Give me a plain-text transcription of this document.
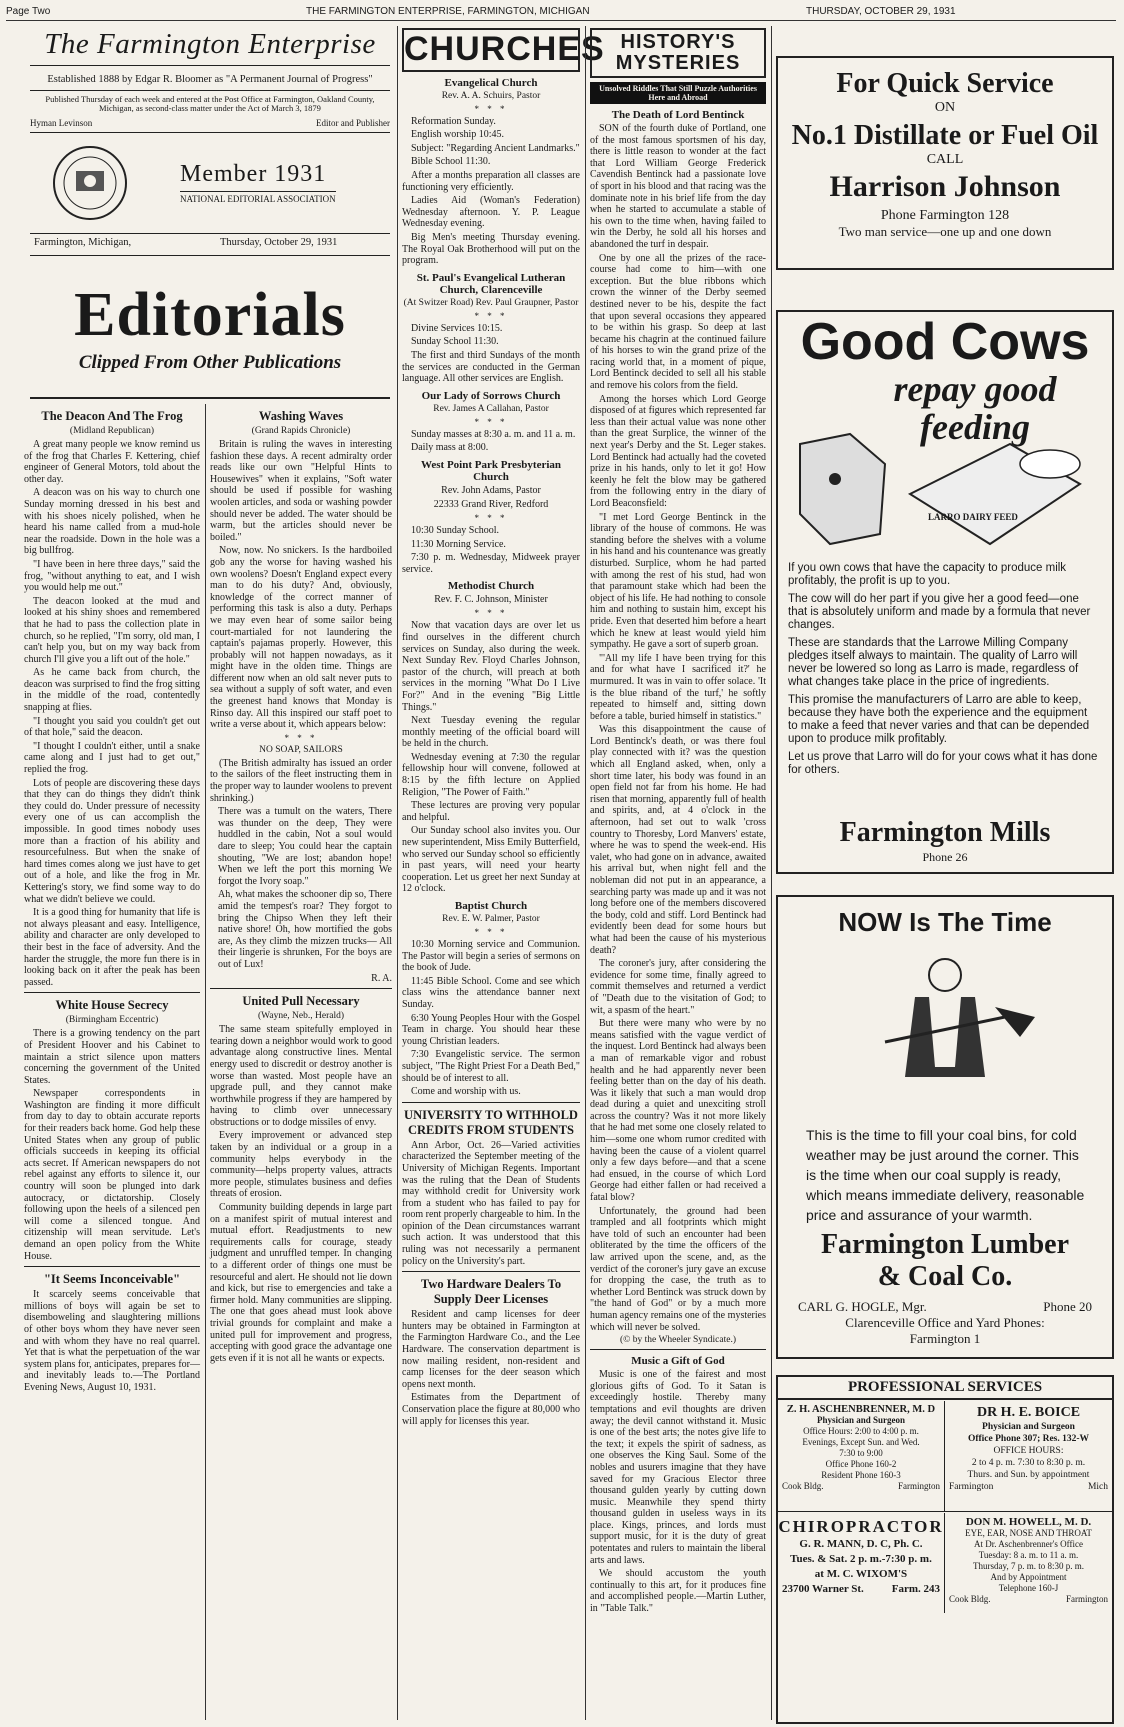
Page Two	THE FARMINGTON ENTERPRISE, FARMINGTON, MICHIGAN	THURSDAY, OCTOBER 29, 1931
The Farmington Enterprise
Established 1888 by Edgar R. Bloomer as "A Permanent Journal of Progress"
Published Thursday of each week and entered at the Post Office at Farmington, Oakland County, Michigan, as second-class matter under the Act of March 3, 1879
Hyman Levinson	Editor and Publisher
Member 1931
NATIONAL EDITORIAL ASSOCIATION
Farmington, Michigan,	Thursday, October 29, 1931
Editorials
Clipped From Other Publications
The Deacon And The Frog
(Midland Republican)
A great many people we know remind us of the frog that Charles F. Kettering, chief engineer of General Motors, told about the other day.
A deacon was on his way to church one Sunday morning dressed in his best and with his shoes nicely polished, when he heard his name called from a mud-hole near the roadside. Down in the hole was a big bullfrog.
"I have been in here three days," said the frog, "without anything to eat, and I wish you would help me out."
The deacon looked at the mud and looked at his shiny shoes and remembered that he had to pass the collection plate in church, so he replied, "I'm sorry, old man, I can't help you, but on my way back from church I'll give you a lift out of the hole."
As he came back from church, the deacon was surprised to find the frog sitting in the middle of the road, contentedly snapping at flies.
"I thought you said you couldn't get out of that hole," said the deacon.
"I thought I couldn't either, until a snake came along and I just had to get out," replied the frog.
Lots of people are discovering these days that they can do things they didn't think they could do. Under pressure of necessity every one of us can accomplish the impossible. In good times nobody uses more than a fraction of his ability and resourcefulness. But when the snake of hard times comes along we just have to get out of a hole, and like the frog in Mr. Kettering's story, we find some way to do what we didn't believe we could.
It is a good thing for humanity that life is not always pleasant and easy. Intelligence, ability and character are only developed to their best in the face of adversity. And the harder the struggle, the more fun there is in looking back on it after the peak has been passed.
White House Secrecy
(Birmingham Eccentric)
There is a growing tendency on the part of President Hoover and his Cabinet to maintain a strict silence upon matters concerning the government of the United States.
Newspaper correspondents in Washington are finding it more difficult from day to day to obtain accurate reports for their readers back home. God help these United States when any group of public officials succeeds in keeping its official acts secret. If American newspapers do not rebel against any efforts to silence it, our country will soon be plunged into dark autocracy, or dictatorship. Closely following upon the heels of a silenced pen will come a silenced tongue. And citizenship will mean servitude. Let's demand an open policy from the White House.
"It Seems Inconceivable"
It scarcely seems conceivable that millions of boys will again be set to disemboweling and slaughtering millions of other boys whom they have never seen and with whom they have no real quarrel. Yet that is what the perpetuation of the war system plans for, anticipates, prepares for—and inevitably leads to.—The Portland Evening News, August 10, 1931.
Washing Waves
(Grand Rapids Chronicle)
Britain is ruling the waves in interesting fashion these days. A recent admiralty order reads like our own "Helpful Hints to Housewives" when it explains, "Soft water should be used if possible for washing woolen articles, and soda or washing powder should never be added. The water should be warm, but the articles should never be boiled."
Now, now. No snickers. Is the hardboiled gob any the worse for having washed his own woolens? Doesn't England expect every man to do his duty? And, obviously, knowledge of the correct manner of performing this task is also a duty. Perhaps we may even hear of some sailor being court-martialed for not laundering the captain's pajamas properly. However, this probably will not happen nowadays, as it might have in the olden time. Things are different now when an old salt never puts to sea without a supply of soft water, and even the greenest hand knows that Monday is Rinso day. All this inspired our staff poet to write a verse about it, which appears below:
* * *
NO SOAP, SAILORS
(The British admiralty has issued an order to the sailors of the fleet instructing them in the proper way to launder woolens to prevent shrinking.)
There was a tumult on the waters, There was thunder on the deep, They were huddled in the cabin, Not a soul would dare to sleep; You could hear the captain shouting, "We are lost; abandon hope! When we left the port this morning We forgot the Ivory soap."
Ah, what makes the schooner dip so, There amid the tempest's roar? They forgot to bring the Chipso When they left their native shore! Oh, how mortified the gobs are, As they climb the mizzen trucks— All their lingerie is shrunken, For the boys are out of Lux!
R. A.
United Pull Necessary
(Wayne, Neb., Herald)
The same steam spitefully employed in tearing down a neighbor would work to good advantage along constructive lines. Mental energy used to discredit or destroy another is worse than wasted. Most people have an upgrade pull, and they cannot make worthwhile progress if they are hampered by having to climb over unnecessary obstructions or to dodge missiles of envy.
Every improvement or advanced step taken by an individual or a group in a community helps everybody in the community—helps property values, attracts more people, stimulates business and defies threats of erosion.
Community building depends in large part on a manifest spirit of mutual interest and mutual effort. Readjustments to new requirements calls for courage, steady judgment and unruffled temper. In changing to a different order of things one must be resourceful and alert. He should not lie down and kick, but rise to emergencies and take a firmer hold. Many communities are slipping. The one that goes ahead must look above trivial grounds for complaint and make a united pull for improvement and progress, accepting with good grace the advantage one gets even if it is not all he wants or expects.
CHURCHES
Evangelical Church
Rev. A. A. Schuirs, Pastor
* * *
Reformation Sunday.
English worship 10:45.
Subject: "Regarding Ancient Landmarks."
Bible School 11:30.
After a months preparation all classes are functioning very efficiently.
Ladies Aid (Woman's Federation) Wednesday afternoon. Y. P. League Wednesday evening.
Big Men's meeting Thursday evening. The Royal Oak Brotherhood will put on the program.
St. Paul's Evangelical Lutheran Church, Clarenceville
(At Switzer Road) Rev. Paul Graupner, Pastor
* * *
Divine Services 10:15.
Sunday School 11:30.
The first and third Sundays of the month the services are conducted in the German language. All other services are English.
Our Lady of Sorrows Church
Rev. James A Callahan, Pastor
* * *
Sunday masses at 8:30 a. m. and 11 a. m.
Daily mass at 8:00.
West Point Park Presbyterian Church
Rev. John Adams, Pastor
22333 Grand River, Redford
* * *
10:30 Sunday School.
11:30 Morning Service.
7:30 p. m. Wednesday, Midweek prayer service.
Methodist Church
Rev. F. C. Johnson, Minister
* * *
Now that vacation days are over let us find ourselves in the different church services on Sunday, also during the week. Next Sunday Rev. Floyd Charles Johnson, pastor of the church, will preach at both services in the morning "What Do I Live For?" And in the evening "Big Little Things."
Next Tuesday evening the regular monthly meeting of the official board will be held in the church.
Wednesday evening at 7:30 the regular fellowship hour will convene, followed at 8:15 by the fifth lecture on Applied Religion, "The Power of Faith."
These lectures are proving very popular and helpful.
Our Sunday school also invites you. Our new superintendent, Miss Emily Butterfield, who served our Sunday school so efficiently in past years, will need your hearty cooperation. Let us greet her next Sunday at 12 o'clock.
Baptist Church
Rev. E. W. Palmer, Pastor
* * *
10:30 Morning service and Communion. The Pastor will begin a series of sermons on the book of Jude.
11:45 Bible School. Come and see which class wins the attendance banner next Sunday.
6:30 Young Peoples Hour with the Gospel Team in charge. You should hear these young Christian leaders.
7:30 Evangelistic service. The sermon subject, "The Right Priest For a Death Bed," should be of interest to all.
Come and worship with us.
UNIVERSITY TO WITHHOLD CREDITS FROM STUDENTS
Ann Arbor, Oct. 26—Varied activities characterized the September meeting of the University of Michigan Regents. Important was the ruling that the Dean of Students may withhold credit for University work from a student who has failed to pay for room rent properly chargeable to him. In the opinion of the Dean circumstances warrant such action. It was understood that this ruling was not necessarily a permanent policy on the University's part.
Two Hardware Dealers To Supply Deer Licenses
Resident and camp licenses for deer hunters may be obtained in Farmington at the Farmington Hardware Co., and the Lee Hardware. The conservation department is now mailing resident, non-resident and camp licenses for the deer season which opens next month.
Estimates from the Department of Conservation place the figure at 80,000 who will apply for licenses this year.
HISTORY'S MYSTERIES
Unsolved Riddles That Still Puzzle Authorities Here and Abroad
The Death of Lord Bentinck
SON of the fourth duke of Portland, one of the most famous sportsmen of his day, there is little reason to wonder at the fact that Lord William George Frederick Cavendish Bentinck had a passionate love of sport in his blood and that racing was the dominate note in his brief life from the day when he started to accumulate a stable of his own to the time when, having failed to win the Derby, he sold all his horses and abandoned the turf in despair.
One by one all the prizes of the race-course had come to him—with one exception. But the blue ribbons which crown the winner of the Derby seemed destined never to be his, despite the fact that upon several occasions they appeared to be within his grasp. So deep at last became his chagrin at the continued failure of his horses to win the grand prize of the racing world that, in a moment of pique, Lord Bentinck decided to sell all his stable and remove his colors from the field.
Among the horses which Lord George disposed of at figures which represented far less than their actual value was none other than the great Surplice, the winner of the next year's Derby and the St. Leger stakes. Lord Bentinck had actually had the coveted prize in his hands, only to let it go! How keenly he felt the blow may be gathered from the following entry in the diary of Lord Beaconsfield:
"I met Lord George Bentinck in the library of the house of commons. He was standing before the shelves with a volume in his hand and his countenance was greatly disturbed. Surplice, whom he had parted with among the rest of his stud, had won that paramount stake which had been the object of his life. He had nothing to console him and nothing to sustain him, except his pride. Even that deserted him before a heart which he knew at least would yield him sympathy. He gave a sort of superb groan.
"'All my life I have been trying for this and for what have I sacrificed it?' he murmured. It was in vain to offer solace. 'It is the blue riband of the turf,' he softly repeated to himself and, sitting down before a table, buried himself in statistics."
Was this disappointment the cause of Lord Bentinck's death, or was there foul play connected with it? was the question which all England asked, when, only a short time later, his body was found in an open field not far from his home. He had risen that morning, apparently full of health and spirits, and, at 4 o'clock in the afternoon, had set out to walk 'cross country to Thoresby, Lord Manvers' estate, where he was to spend the week-end. His valet, who had gone on in advance, awaited his arrival but, when night fell and the nobleman did not put in an appearance, a searching party was made up and it was not long before one of the members discovered the body, cold and stiff. Lord Bentinck had evidently been dead for some hours but what had been the cause of his mysterious death?
The coroner's jury, after considering the evidence for some time, finally agreed to commit themselves and returned a verdict of "Death due to the visitation of God; to wit, a spasm of the heart."
But there were many who were by no means satisfied with the vague verdict of the inquest. Lord Bentinck had always been a man of remarkable vigor and robust health and he had apparently never been feeling better than on the day of his death. Was it likely that such a man would drop dead during a quiet and unexciting stroll across the country? Was it not more likely that he had met some one closely related to him—some one whom rumor credited with having been the cause of a violent quarrel only a few days before—and that a scene had ensued, in the course of which Lord George had either fallen or had received a fatal blow?
Unfortunately, the ground had been trampled and all footprints which might have told of such an encounter had been obliterated by the time the officers of the law arrived upon the scene, and, as the verdict of the coroner's jury gave an excuse for dropping the case, the truth as to whether Lord Bentinck was struck down by "the hand of God" or by a much more human agency remains one of the mysteries which will never be solved.
(© by the Wheeler Syndicate.)
Music a Gift of God
Music is one of the fairest and most glorious gifts of God. To it Satan is exceedingly hostile. Thereby many temptations and evil thoughts are driven away; the devil cannot withstand it. Music is one of the best arts; the notes give life to the text; it expels the spirit of sadness, as one observes the King Saul. Some of the nobles and usurers imagine that they have saved for my Gracious Elector three thousand gulden yearly by cutting down music. Meanwhile they spend thirty thousand gulden in useless ways in its place. Kings, princes, and lords must support music, for it is the duty of great potentates and rulers to maintain the liberal arts and laws.
We should accustom the youth continually to this art, for it produces fine and accomplished people.—Martin Luther, in "Table Talk."
For Quick Service
ON
No.1 Distillate or Fuel Oil
CALL
Harrison Johnson
Phone Farmington 128
Two man service—one up and one down
Good Cows
repay good feeding
LARRO DAIRY FEED

If you own cows that have the capacity to produce milk profitably, the profit is up to you.

The cow will do her part if you give her a good feed—one that is absolutely uniform and made by a formula that never changes.

These are standards that the Larrowe Milling Company pledges itself always to maintain. The quality of Larro will never be lowered so long as Larro is made, regardless of what changes take place in the price of ingredients.

This promise the manufacturers of Larro are able to keep, because they have both the experience and the equipment to make a feed that never varies and that can be depended upon to produce milk profitably.

Let us prove that Larro will do for your cows what it has done for others.

Farmington Mills
Phone 26
NOW Is The Time
This is the time to fill your coal bins, for cold weather may be just around the corner. This is the time when our coal supply is ready, which means immediate delivery, reasonable price and assurance of your warmth.
Farmington Lumber
& Coal Co.
CARL G. HOGLE, Mgr.	Phone 20
Clarenceville Office and Yard Phones:
Farmington 1
PROFESSIONAL SERVICES
Z. H. ASCHENBRENNER, M. D
Physician and Surgeon
Office Hours: 2:00 to 4:00 p. m.
Evenings, Except Sun. and Wed.
7:30 to 9:00
Office Phone 160-2
Resident Phone 160-3
Cook Bldg.	Farmington
DR H. E. BOICE
Physician and Surgeon
Office Phone 307; Res. 132-W
OFFICE HOURS:
2 to 4 p. m. 7:30 to 8:30 p. m.
Thurs. and Sun. by appointment
Farmington	Mich
CHIROPRACTOR
G. R. MANN, D. C, Ph. C.
Tues. & Sat. 2 p. m.-7:30 p. m.
at M. C. WIXOM'S
23700 Warner St.	Farm. 243
DON M. HOWELL, M. D.
EYE, EAR, NOSE AND THROAT
At Dr. Aschenbrenner's Office
Tuesday: 8 a. m. to 11 a. m.
Thursday, 7 p. m. to 8:30 p. m.
And by Appointment
Telephone 160-J
Cook Bldg.	Farmington
